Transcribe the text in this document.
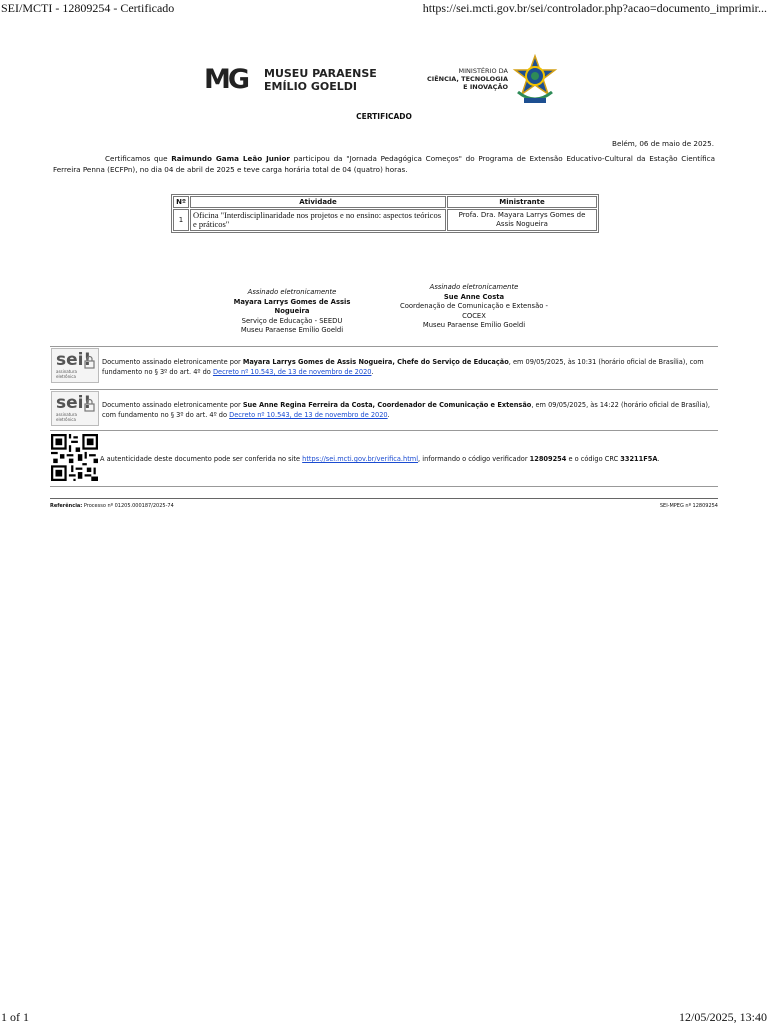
SEI/MCTI - 12809254 - Certificado	https://sei.mcti.gov.br/sei/controlador.php?acao=documento_imprimir...
MG MUSEU PARAENSE
EMÍLIO GOELDI
MINISTÉRIO DA
CIÊNCIA, TECNOLOGIA
E INOVAÇÃO
CERTIFICADO
Belém, 06 de maio de 2025.
Certificamos que Raimundo Gama Leão Junior participou da "Jornada Pedagógica Começos" do Programa de Extensão Educativo-Cultural da Estação Científica Ferreira Penna (ECFPn), no dia 04 de abril de 2025 e teve carga horária total de 04 (quatro) horas.
Nº	Atividade	Ministrante
1	Oficina "Interdisciplinaridade nos projetos e no ensino: aspectos teóricos e práticos"	Profa. Dra. Mayara Larrys Gomes de Assis Nogueira
Assinado eletronicamente
Mayara Larrys Gomes de Assis Nogueira
Serviço de Educação - SEEDU
Museu Paraense Emílio Goeldi
Assinado eletronicamente
Sue Anne Costa
Coordenação de Comunicação e Extensão -
COCEX
Museu Paraense Emílio Goeldi
sei!
assinatura
eletrônica
Documento assinado eletronicamente por Mayara Larrys Gomes de Assis Nogueira, Chefe do Serviço de Educação, em 09/05/2025, às 10:31 (horário oficial de Brasília), com fundamento no § 3º do art. 4º do Decreto nº 10.543, de 13 de novembro de 2020.
sei!
assinatura
eletrônica
Documento assinado eletronicamente por Sue Anne Regina Ferreira da Costa, Coordenador de Comunicação e Extensão, em 09/05/2025, às 14:22 (horário oficial de Brasília), com fundamento no § 3º do art. 4º do Decreto nº 10.543, de 13 de novembro de 2020.
A autenticidade deste documento pode ser conferida no site https://sei.mcti.gov.br/verifica.html, informando o código verificador 12809254 e o código CRC 33211F5A.
Referência: Processo nº 01205.000187/2025-74	SEI-MPEG nº 12809254
1 of 1	12/05/2025, 13:40
